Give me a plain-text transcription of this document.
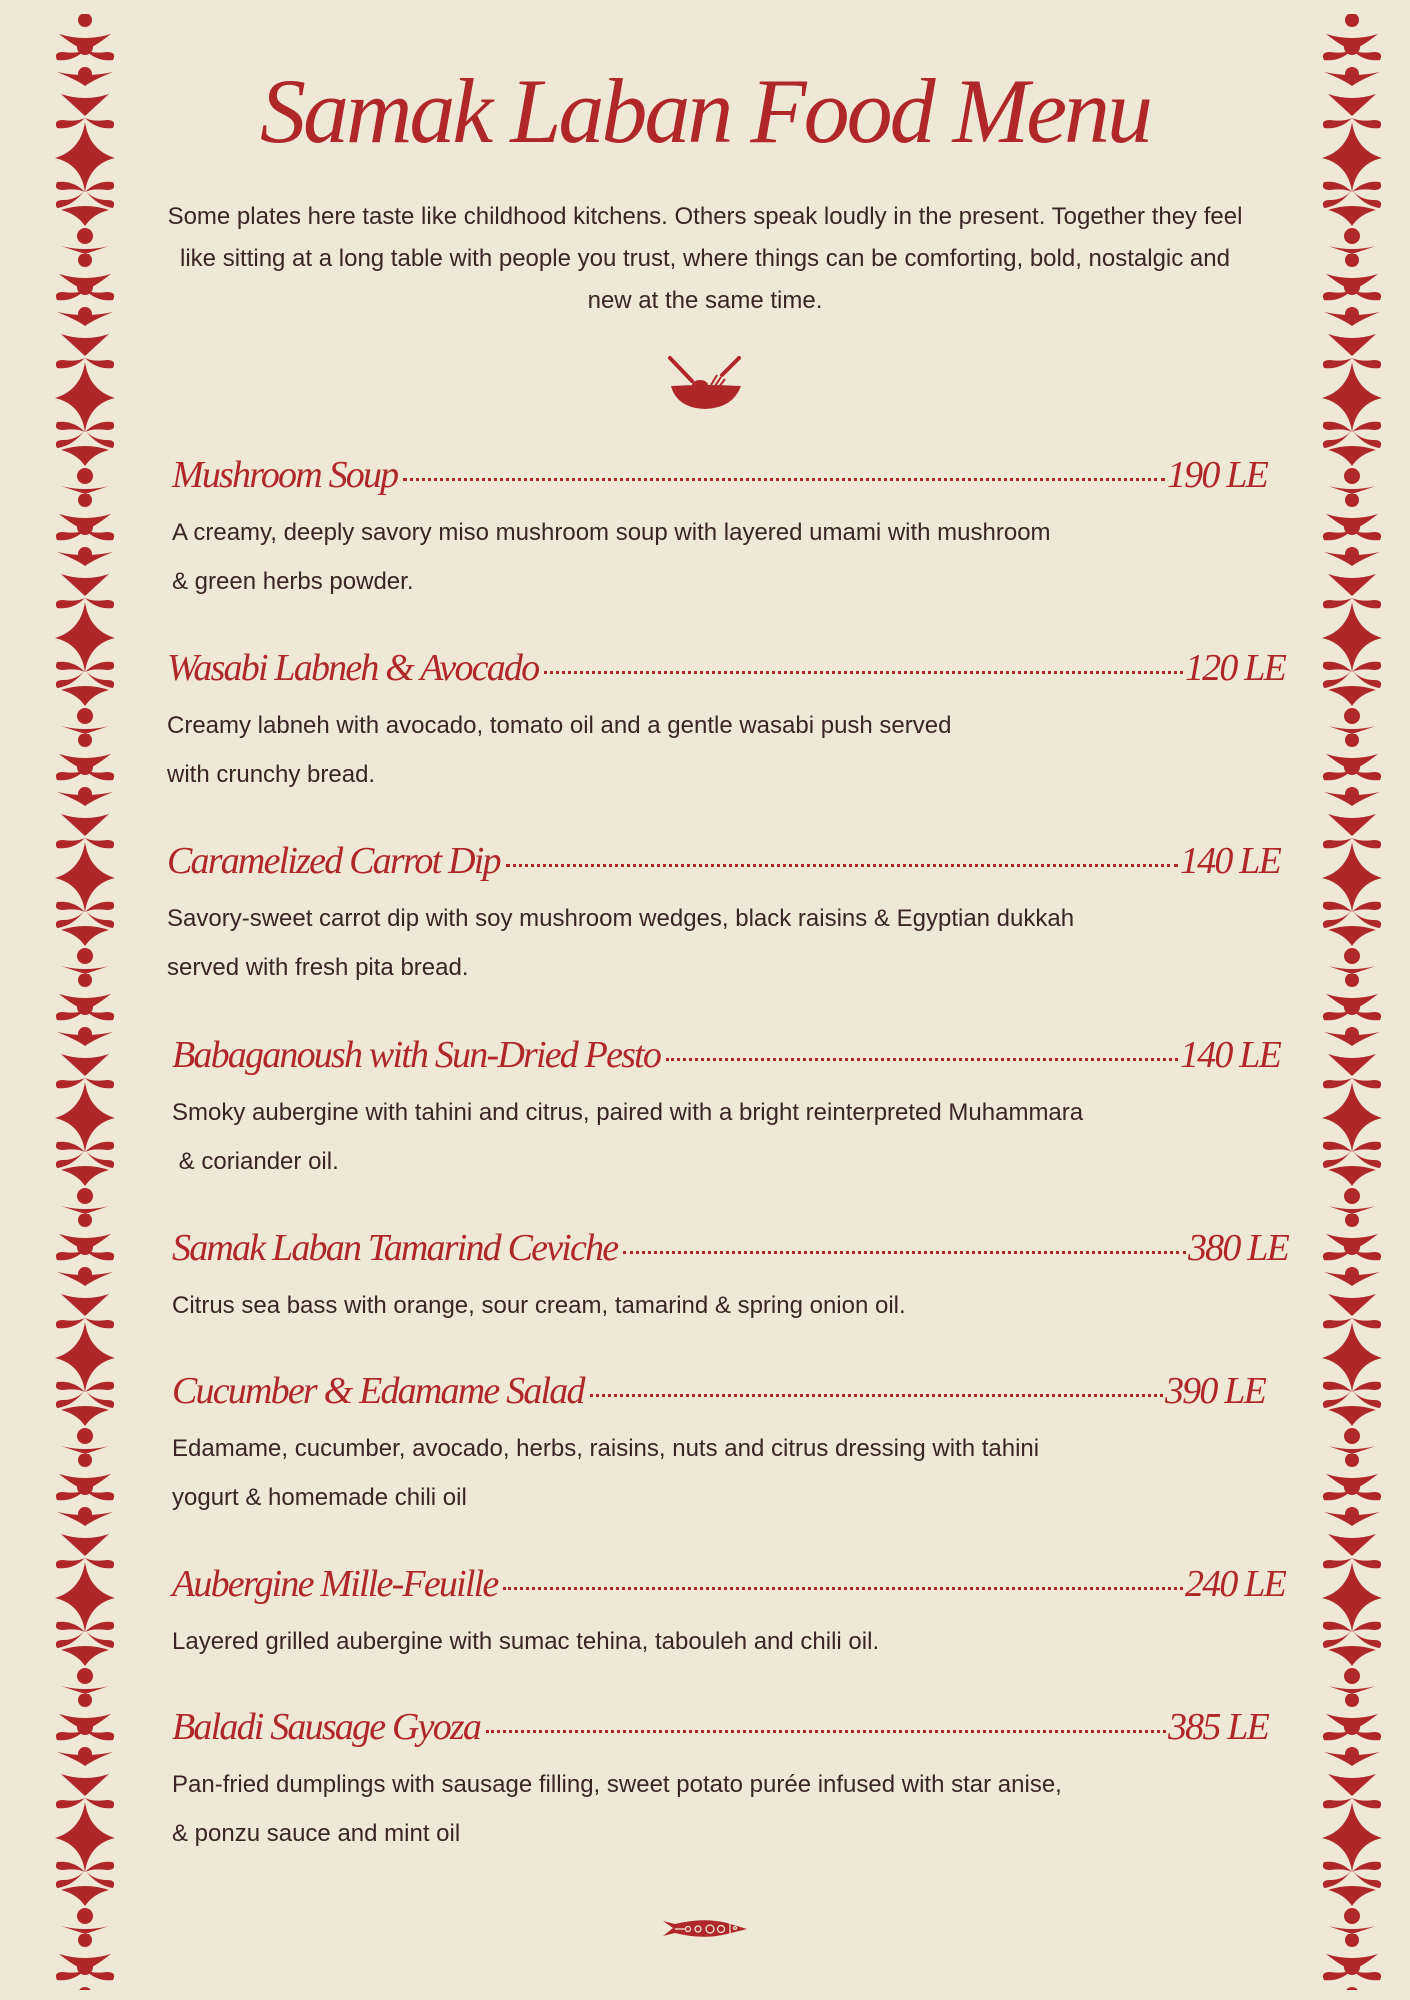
Samak Laban Food Menu

Some plates here taste like childhood kitchens. Others speak loudly in the present. Together they feel like sitting at a long table with people you trust, where things can be comforting, bold, nostalgic and new at the same time.

Mushroom Soup	190 LE
A creamy, deeply savory miso mushroom soup with layered umami with mushroom
& green herbs powder.
Wasabi Labneh & Avocado	120 LE
Creamy labneh with avocado, tomato oil and a gentle wasabi push served
with crunchy bread.
Caramelized Carrot Dip	140 LE
Savory-sweet carrot dip with soy mushroom wedges, black raisins & Egyptian dukkah
served with fresh pita bread.
Babaganoush with Sun-Dried Pesto	140 LE
Smoky aubergine with tahini and citrus, paired with a bright reinterpreted Muhammara
& coriander oil.
Samak Laban Tamarind Ceviche	380 LE
Citrus sea bass with orange, sour cream, tamarind & spring onion oil.
Cucumber & Edamame Salad	390 LE
Edamame, cucumber, avocado, herbs, raisins, nuts and citrus dressing with tahini
yogurt & homemade chili oil
Aubergine Mille-Feuille	240 LE
Layered grilled aubergine with sumac tehina, tabouleh and chili oil.
Baladi Sausage Gyoza	385 LE
Pan-fried dumplings with sausage filling, sweet potato purée infused with star anise,
& ponzu sauce and mint oil
